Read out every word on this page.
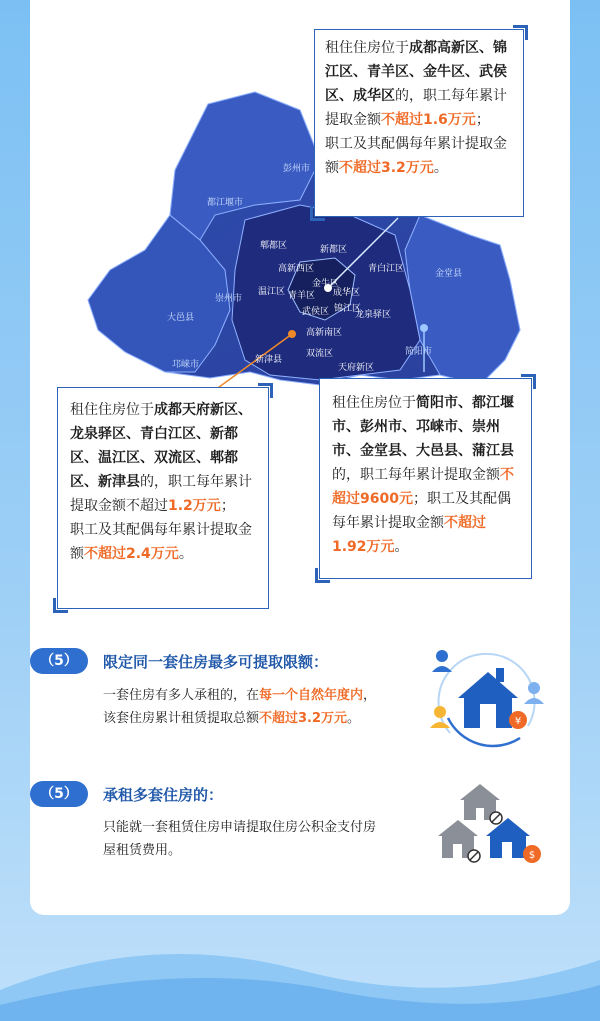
彭州市
都江堰市
郫都区	新都区
高新西区	青白江区	金堂县
温江区 青羊区
金牛区
成华区
崇州市
大邑县
武侯区 锦江区
龙泉驿区
高新南区
简阳市
邛崃市	新津县
双流区
天府新区
租住住房位于成都高新区、锦江区、青羊区、金牛区、武侯区、成华区的，职工每年累计提取金额不超过1.6万元；
职工及其配偶每年累计提取金额不超过3.2万元。
租住住房位于成都天府新区、龙泉驿区、青白江区、新都区、温江区、双流区、郫都区、新津县的，职工每年累计提取金额不超过1.2万元；
职工及其配偶每年累计提取金额不超过2.4万元。
租住住房位于简阳市、都江堰市、彭州市、邛崃市、崇州市、金堂县、大邑县、蒲江县的，职工每年累计提取金额不超过9600元；职工及其配偶每年累计提取金额不超过1.92万元。
（5）	限定同一套住房最多可提取限额：
一套住房有多人承租的，在每一个自然年度内，
该套住房累计租赁提取总额不超过3.2万元。	¥
（5）	承租多套住房的：
只能就一套租赁住房申请提取住房公积金支付房
屋租赁费用。	$
